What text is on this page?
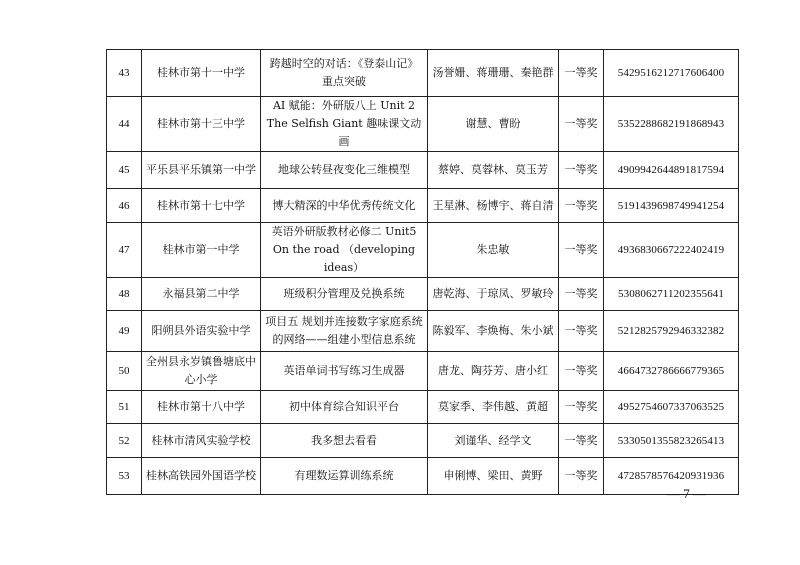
43	桂林市第十一中学	跨越时空的对话：《登泰山记》重点突破	汤誉姗、蒋珊珊、秦艳群	一等奖	5429516212717606400
44	桂林市第十三中学	AI 赋能：外研版八上 Unit 2 The Selfish Giant 趣味课文动画	谢慧、曹盼	一等奖	5352288682191868943
45	平乐县平乐镇第一中学	地球公转昼夜变化三维模型	蔡婷、莫蓉林、莫玉芳	一等奖	4909942644891817594
46	桂林市第十七中学	博大精深的中华优秀传统文化	王星淋、杨博宇、蒋自清	一等奖	5191439698749941254
47	桂林市第一中学	英语外研版教材必修二 Unit5 On the road （developing ideas）	朱忠敏	一等奖	4936830667222402419
48	永福县第二中学	班级积分管理及兑换系统	唐乾海、于琼凤、罗敏玲	一等奖	5308062711202355641
49	阳朔县外语实验中学	项目五 规划并连接数字家庭系统的网络——组建小型信息系统	陈毅军、李焕梅、朱小斌	一等奖	5212825792946332382
50	全州县永岁镇鲁塘底中心小学	英语单词书写练习生成器	唐龙、陶芬芳、唐小红	一等奖	4664732786666779365
51	桂林市第十八中学	初中体育综合知识平台	莫家季、李伟越、黄超	一等奖	4952754607337063525
52	桂林市清风实验学校	我多想去看看	刘谨华、经学文	一等奖	5330501355823265413
53	桂林高铁园外国语学校	有理数运算训练系统	申俐博、梁田、黄野	一等奖	4728578576420931936
— 7 —
